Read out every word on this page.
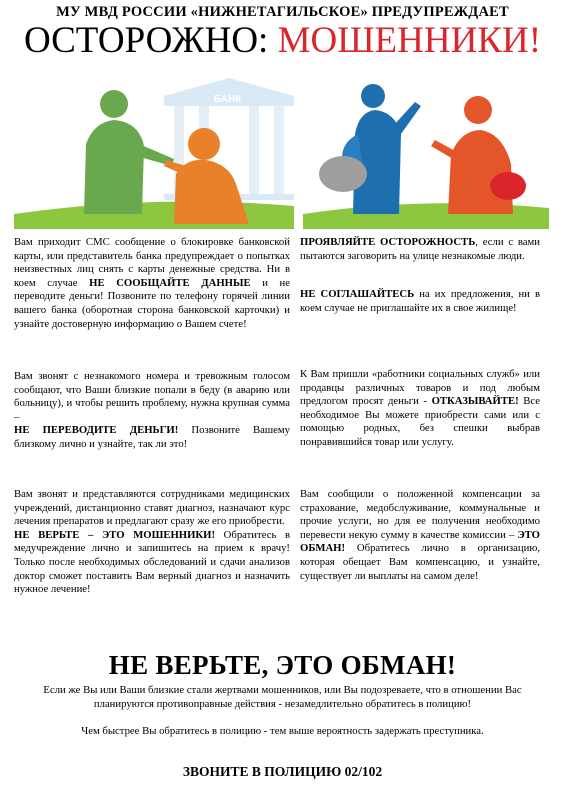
МУ МВД РОССИИ «НИЖНЕТАГИЛЬСКОЕ» ПРЕДУПРЕЖДАЕТ
ОСТОРОЖНО: МОШЕННИКИ!
БАНК
Вам приходит СМС сообщение о блокировке банковской карты, или представитель банка предупреждает о попытках неизвестных лиц снять с карты денежные средства. Ни в коем случае НЕ СООБЩАЙТЕ ДАННЫЕ и не переводите деньги! Позвоните по телефону горячей линии вашего банка (оборотная сторона банковской карточки) и узнайте достоверную информацию о Вашем счете!
Вам звонят с незнакомого номера и тревожным голосом сообщают, что Ваши близкие попали в беду (в аварию или больницу), и чтобы решить проблему, нужна крупная сумма –
НЕ ПЕРЕВОДИТЕ ДЕНЬГИ! Позвоните Вашему близкому лично и узнайте, так ли это!
Вам звонят и представляются сотрудниками медицинских учреждений, дистанционно ставят диагноз, назначают курс лечения препаратов и предлагают сразу же его приобрести.
НЕ ВЕРЬТЕ – ЭТО МОШЕННИКИ! Обратитесь в медучреждение лично и запишитесь на прием к врачу! Только после необходимых обследований и сдачи анализов доктор сможет поставить Вам верный диагноз и назначить нужное лечение!
ПРОЯВЛЯЙТЕ ОСТОРОЖНОСТЬ, если с вами пытаются заговорить на улице незнакомые люди.
НЕ СОГЛАШАЙТЕСЬ на их предложения, ни в коем случае не приглашайте их в свое жилище!
К Вам пришли «работники социальных служб» или продавцы различных товаров и под любым предлогом просят деньги - ОТКАЗЫВАЙТЕ! Все необходимое Вы можете приобрести сами или с помощью родных, без спешки выбрав понравившийся товар или услугу.
Вам сообщили о положенной компенсации за страхование, медобслуживание, коммунальные и прочие услуги, но для ее получения необходимо перевести некую сумму в качестве комиссии – ЭТО ОБМАН! Обратитесь лично в организацию, которая обещает Вам компенсацию, и узнайте, существует ли выплаты на самом деле!
НЕ ВЕРЬТЕ, ЭТО ОБМАН!
Если же Вы или Ваши близкие стали жертвами мошенников, или Вы подозреваете, что в отношении Вас планируются противоправные действия - незамедлительно обратитесь в полицию!
Чем быстрее Вы обратитесь в полицию - тем выше вероятность задержать преступника.
ЗВОНИТЕ В ПОЛИЦИЮ 02/102
